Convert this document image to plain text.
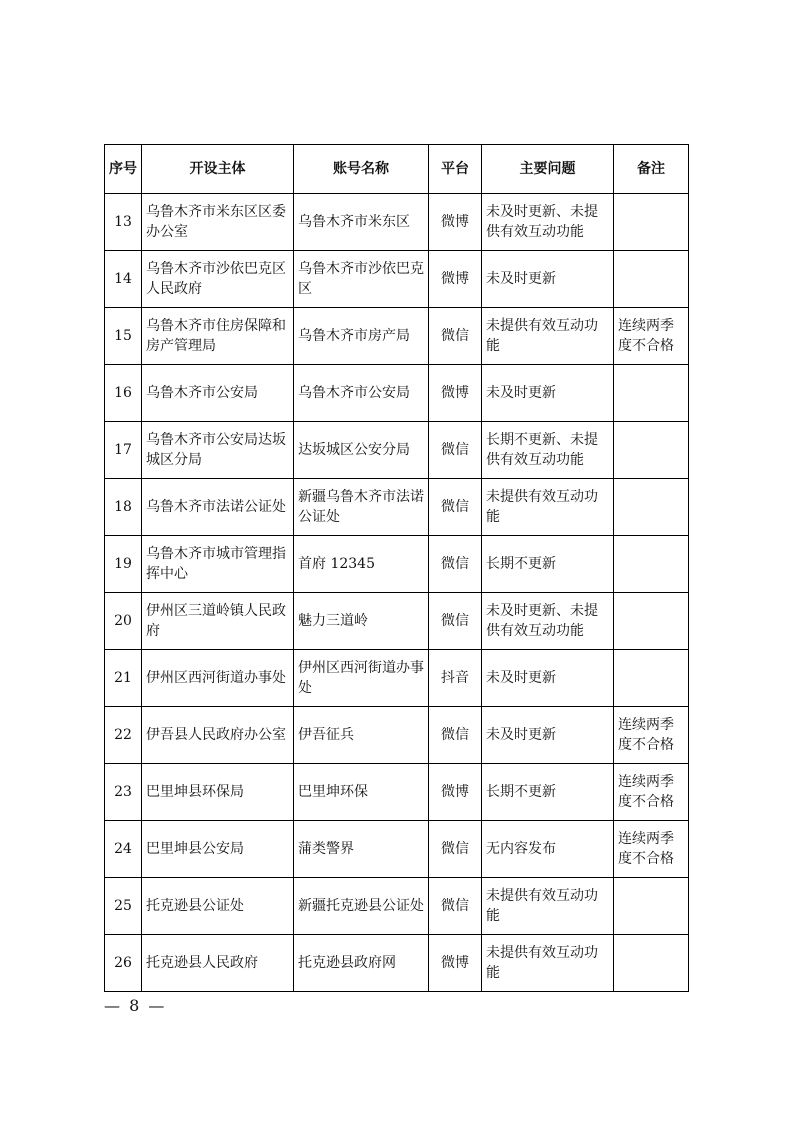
序号	开设主体	账号名称	平台	主要问题	备注
13	乌鲁木齐市米东区区委办公室	乌鲁木齐市米东区	微博	未及时更新、未提供有效互动功能	
14	乌鲁木齐市沙依巴克区人民政府	乌鲁木齐市沙依巴克区	微博	未及时更新	
15	乌鲁木齐市住房保障和房产管理局	乌鲁木齐市房产局	微信	未提供有效互动功能	连续两季度不合格
16	乌鲁木齐市公安局	乌鲁木齐市公安局	微博	未及时更新	
17	乌鲁木齐市公安局达坂城区分局	达坂城区公安分局	微信	长期不更新、未提供有效互动功能	
18	乌鲁木齐市法诺公证处	新疆乌鲁木齐市法诺公证处	微信	未提供有效互动功能	
19	乌鲁木齐市城市管理指挥中心	首府 12345	微信	长期不更新	
20	伊州区三道岭镇人民政府	魅力三道岭	微信	未及时更新、未提供有效互动功能	
21	伊州区西河街道办事处	伊州区西河街道办事处	抖音	未及时更新	
22	伊吾县人民政府办公室	伊吾征兵	微信	未及时更新	连续两季度不合格
23	巴里坤县环保局	巴里坤环保	微博	长期不更新	连续两季度不合格
24	巴里坤县公安局	蒲类警界	微信	无内容发布	连续两季度不合格
25	托克逊县公证处	新疆托克逊县公证处	微信	未提供有效互动功能	
26	托克逊县人民政府	托克逊县政府网	微博	未提供有效互动功能	
— 8 —
